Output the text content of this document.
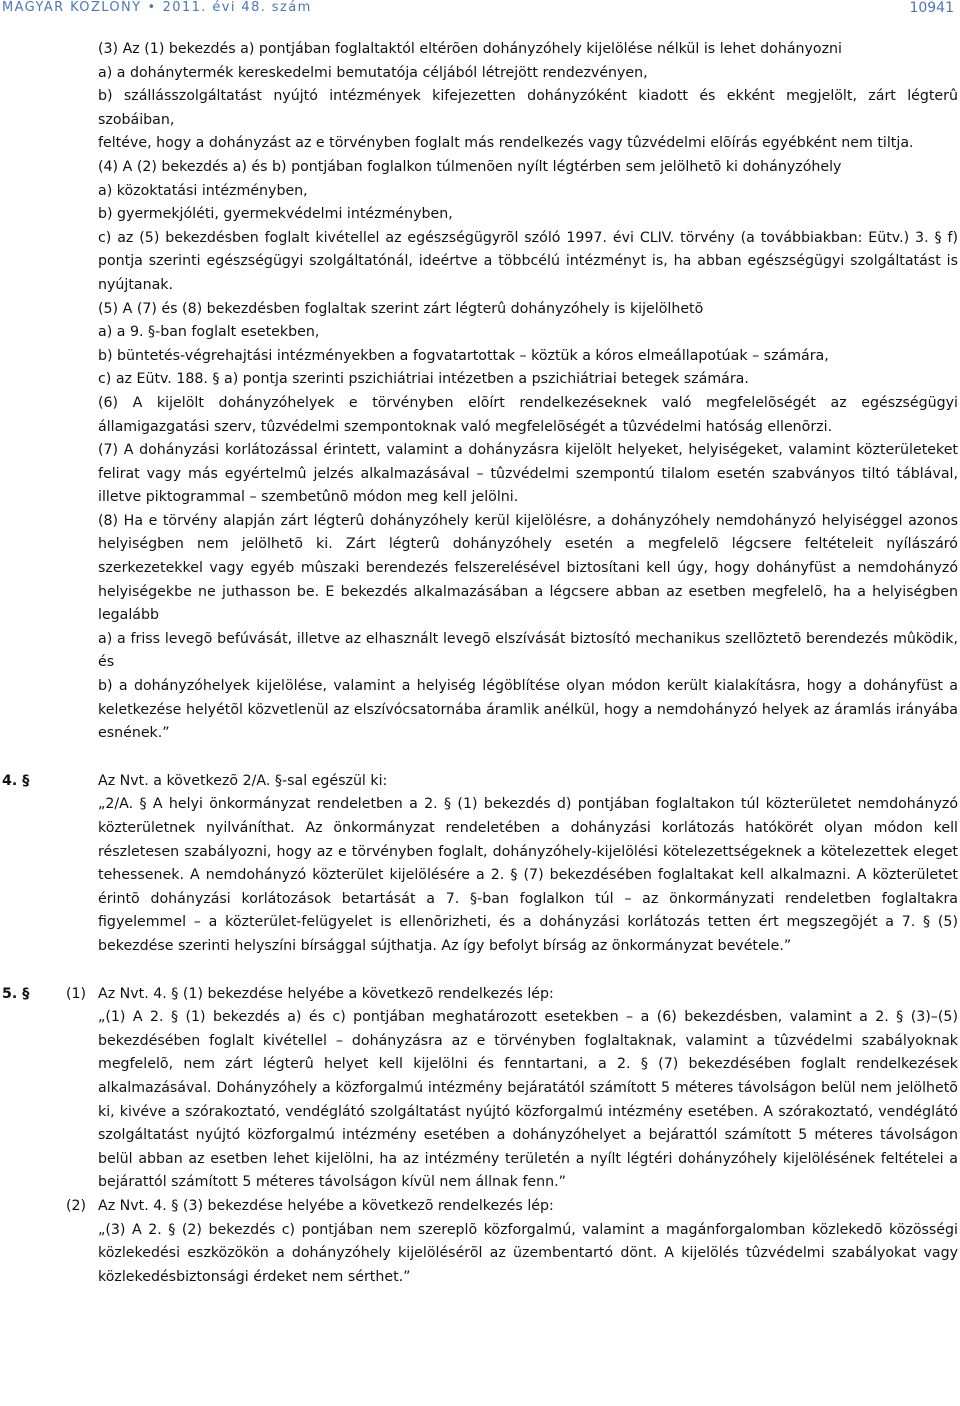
MAGYAR KÖZLÖNY • 2011. évi 48. szám	10941

(3) Az (1) bekezdés a) pontjában foglaltaktól eltérõen dohányzóhely kijelölése nélkül is lehet dohányozni

a) a dohánytermék kereskedelmi bemutatója céljából létrejött rendezvényen,

b) szállásszolgáltatást nyújtó intézmények kifejezetten dohányzóként kiadott és ekként megjelölt, zárt légterû szobáiban,

feltéve, hogy a dohányzást az e törvényben foglalt más rendelkezés vagy tûzvédelmi elõírás egyébként nem tiltja.

(4) A (2) bekezdés a) és b) pontjában foglalkon túlmenõen nyílt légtérben sem jelölhetõ ki dohányzóhely

a) közoktatási intézményben,

b) gyermekjóléti, gyermekvédelmi intézményben,

c) az (5) bekezdésben foglalt kivétellel az egészségügyrõl szóló 1997. évi CLIV. törvény (a továbbiakban: Eütv.) 3. § f) pontja szerinti egészségügyi szolgáltatónál, ideértve a többcélú intézményt is, ha abban egészségügyi szolgáltatást is nyújtanak.

(5) A (7) és (8) bekezdésben foglaltak szerint zárt légterû dohányzóhely is kijelölhetõ

a) a 9. §-ban foglalt esetekben,

b) büntetés-végrehajtási intézményekben a fogvatartottak – köztük a kóros elmeállapotúak – számára,

c) az Eütv. 188. § a) pontja szerinti pszichiátriai intézetben a pszichiátriai betegek számára.

(6) A kijelölt dohányzóhelyek e törvényben elõírt rendelkezéseknek való megfelelõségét az egészségügyi államigazgatási szerv, tûzvédelmi szempontoknak való megfelelõségét a tûzvédelmi hatóság ellenõrzi.

(7) A dohányzási korlátozással érintett, valamint a dohányzásra kijelölt helyeket, helyiségeket, valamint közterületeket felirat vagy más egyértelmû jelzés alkalmazásával – tûzvédelmi szempontú tilalom esetén szabványos tiltó táblával, illetve piktogrammal – szembetûnõ módon meg kell jelölni.

(8) Ha e törvény alapján zárt légterû dohányzóhely kerül kijelölésre, a dohányzóhely nemdohányzó helyiséggel azonos helyiségben nem jelölhetõ ki. Zárt légterû dohányzóhely esetén a megfelelõ légcsere feltételeit nyílászáró szerkezetekkel vagy egyéb mûszaki berendezés felszerelésével biztosítani kell úgy, hogy dohányfüst a nemdohányzó helyiségekbe ne juthasson be. E bekezdés alkalmazásában a légcsere abban az esetben megfelelõ, ha a helyiségben legalább

a) a friss levegõ befúvását, illetve az elhasznált levegõ elszívását biztosító mechanikus szellõztetõ berendezés mûködik, és

b) a dohányzóhelyek kijelölése, valamint a helyiség légöblítése olyan módon került kialakításra, hogy a dohányfüst a keletkezése helyétõl közvetlenül az elszívócsatornába áramlik anélkül, hogy a nemdohányzó helyek az áramlás irányába esnének.”

4. §	Az Nvt. a következõ 2/A. §-sal egészül ki:

„2/A. § A helyi önkormányzat rendeletben a 2. § (1) bekezdés d) pontjában foglaltakon túl közterületet nemdohányzó közterületnek nyilváníthat. Az önkormányzat rendeletében a dohányzási korlátozás hatókörét olyan módon kell részletesen szabályozni, hogy az e törvényben foglalt, dohányzóhely-kijelölési kötelezettségeknek a kötelezettek eleget tehessenek. A nemdohányzó közterület kijelölésére a 2. § (7) bekezdésében foglaltakat kell alkalmazni. A közterületet érintõ dohányzási korlátozások betartását a 7. §-ban foglalkon túl – az önkormányzati rendeletben foglaltakra figyelemmel – a közterület-felügyelet is ellenõrizheti, és a dohányzási korlátozás tetten ért megszegõjét a 7. § (5) bekezdése szerinti helyszíni bírsággal sújthatja. Az így befolyt bírság az önkormányzat bevétele.”

5. §	(1) Az Nvt. 4. § (1) bekezdése helyébe a következõ rendelkezés lép:

„(1) A 2. § (1) bekezdés a) és c) pontjában meghatározott esetekben – a (6) bekezdésben, valamint a 2. § (3)–(5) bekezdésében foglalt kivétellel – dohányzásra az e törvényben foglaltaknak, valamint a tûzvédelmi szabályoknak megfelelõ, nem zárt légterû helyet kell kijelölni és fenntartani, a 2. § (7) bekezdésében foglalt rendelkezések alkalmazásával. Dohányzóhely a közforgalmú intézmény bejáratától számított 5 méteres távolságon belül nem jelölhetõ ki, kivéve a szórakoztató, vendéglátó szolgáltatást nyújtó közforgalmú intézmény esetében. A szórakoztató, vendéglátó szolgáltatást nyújtó közforgalmú intézmény esetében a dohányzóhelyet a bejárattól számított 5 méteres távolságon belül abban az esetben lehet kijelölni, ha az intézmény területén a nyílt légtéri dohányzóhely kijelölésének feltételei a bejárattól számított 5 méteres távolságon kívül nem állnak fenn.”

(2) Az Nvt. 4. § (3) bekezdése helyébe a következõ rendelkezés lép:

„(3) A 2. § (2) bekezdés c) pontjában nem szereplõ közforgalmú, valamint a magánforgalomban közlekedõ közösségi közlekedési eszközökön a dohányzóhely kijelölésérõl az üzembentartó dönt. A kijelölés tûzvédelmi szabályokat vagy közlekedésbiztonsági érdeket nem sérthet.”
